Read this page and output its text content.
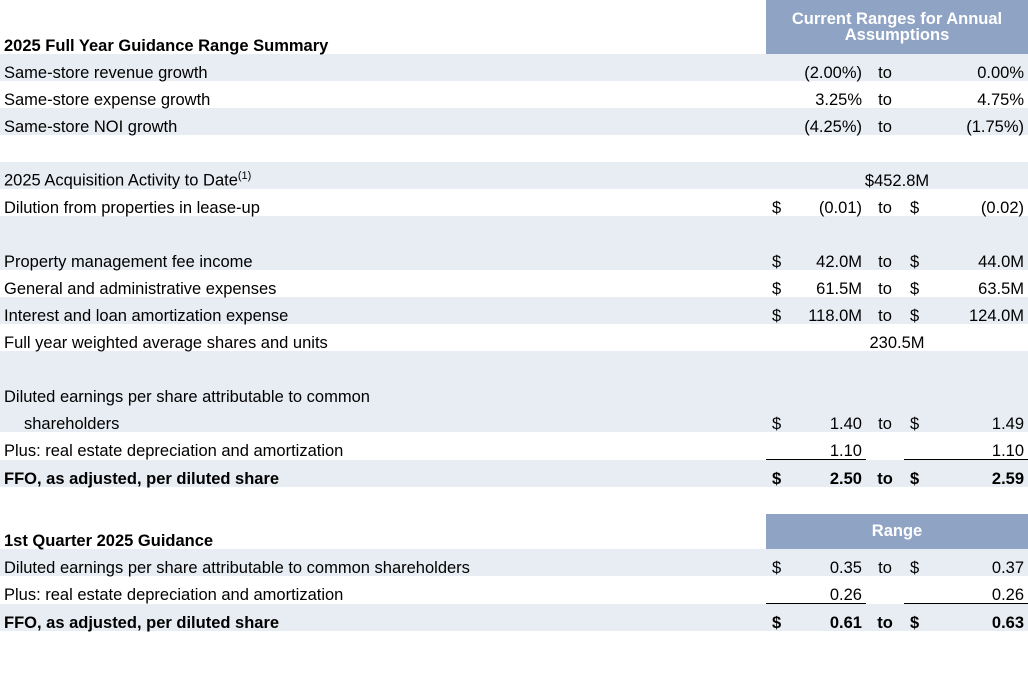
	Current Ranges for Annual Assumptions				
2025 Full Year Guidance Range Summary					
Same-store revenue growth		(2.00%)	to		0.00%
Same-store expense growth		3.25%	to		4.75%
Same-store NOI growth		(4.25%)	to		(1.75%)

2025 Acquisition Activity to Date$^{(1)}$	$452.8M				
Dilution from properties in lease-up	$	(0.01)	to	$	(0.02)

Property management fee income	$	42.0M	to	$	44.0M
General and administrative expenses	$	61.5M	to	$	63.5M
Interest and loan amortization expense	$	118.0M	to	$	124.0M
Full year weighted average shares and units	230.5M				

Diluted earnings per share attributable to common					
shareholders	$	1.40	to	$	1.49
Plus: real estate depreciation and amortization		1.10			1.10
FFO, as adjusted, per diluted share	$	2.50	to	$	2.59

1st Quarter 2025 Guidance	Range				
Diluted earnings per share attributable to common shareholders	$	0.35	to	$	0.37
Plus: real estate depreciation and amortization		0.26			0.26
FFO, as adjusted, per diluted share	$	0.61	to	$	0.63
